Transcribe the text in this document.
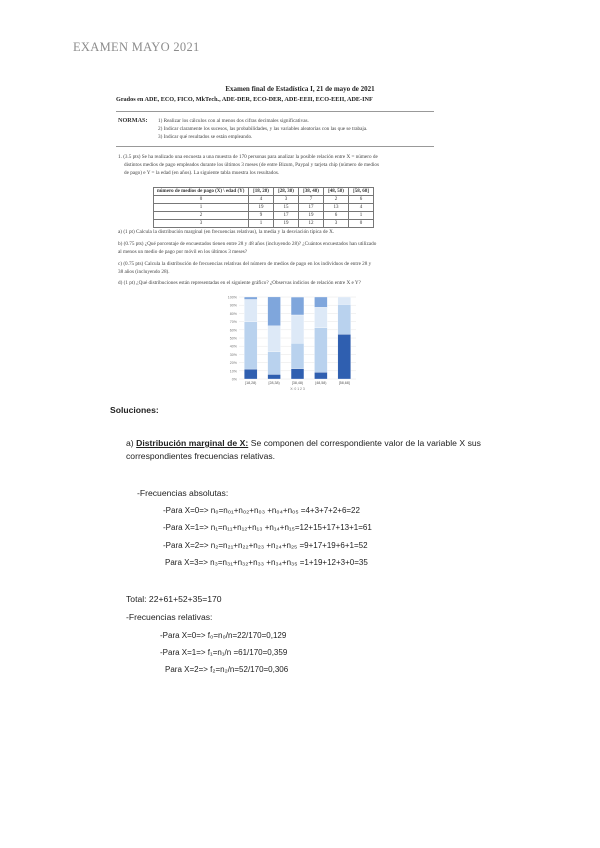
EXAMEN MAYO 2021
Examen final de Estadística I, 21 de mayo de 2021
Grados en ADE, ECO, FICO, MkTech., ADE-DER, ECO-DER, ADE-EEII, ECO-EEII, ADE-INF
NORMAS: 1) Realizar los cálculos con al menos dos cifras decimales significativas.
2) Indicar claramente los sucesos, las probabilidades, y las variables aleatorias con las que se trabaja.
3) Indicar qué resultados se están empleando.
1. (3.5 pts) Se ha realizado una encuesta a una muestra de 170 personas para analizar la posible relación entre X = número de
distintos medios de pago empleados durante los últimos 3 meses (de entre Bizum, Paypal y tarjeta chip (número de medios
de pago) e Y = la edad (en años). La siguiente tabla muestra los resultados.
número de medios de pago (X) \ edad (Y)	[18, 28)	[28, 38)	[38, 48)	[48, 58)	[58, 68]
0	4	3	7	2	6
1	19	15	17	13	4
2	9	17	19	6	1
3	1	19	12	3	0
a) (1 pt) Calcula la distribución marginal (en frecuencias relativas), la media y la desviación típica de X.
b) (0.75 pts) ¿Qué porcentaje de encuestados tienen entre 28 y 48 años (incluyendo 28)? ¿Cuántos encuestados han utilizado
al menos un medio de pago por móvil en los últimos 3 meses?
c) (0.75 pts) Calcula la distribución de frecuencias relativas del número de medios de pago en los individuos de entre 28 y
38 años (incluyendo 28).
d) (1 pt) ¿Qué distribuciones están representadas en el siguiente gráfico? ¿Observas indicios de relación entre X e Y?
100%
90%
80%
70%
60%
50%
40%
30%
20%
10%
0%
[18,28)	[28,38)	[38,48)	[48,58)	[58,68]
X: 0 1 2 3
Soluciones:
a) Distribución marginal de X: Se componen del correspondiente valor de la variable X sus correspondientes frecuencias relativas.
-Frecuencias absolutas:
-Para X=0=> n₀=n₀₁+n₀₂+n₀₃ +n₀₄+n₀₅ =4+3+7+2+6=22
-Para X=1=> n₁=n₁₁+n₁₂+n₁₃ +n₁₄+n₁₅=12+15+17+13+1=61
-Para X=2=> n₂=n₂₁+n₂₂+n₂₃ +n₂₄+n₂₅ =9+17+19+6+1=52
Para X=3=> n₃=n₃₁+n₃₂+n₃₃ +n₃₄+n₃₅ =1+19+12+3+0=35
Total: 22+61+52+35=170
-Frecuencias relativas:
-Para X=0=> f₀=n₀/n=22/170=0,129
-Para X=1=> f₁=n₁/n =61/170=0,359
Para X=2=> f₂=n₂/n=52/170=0,306
